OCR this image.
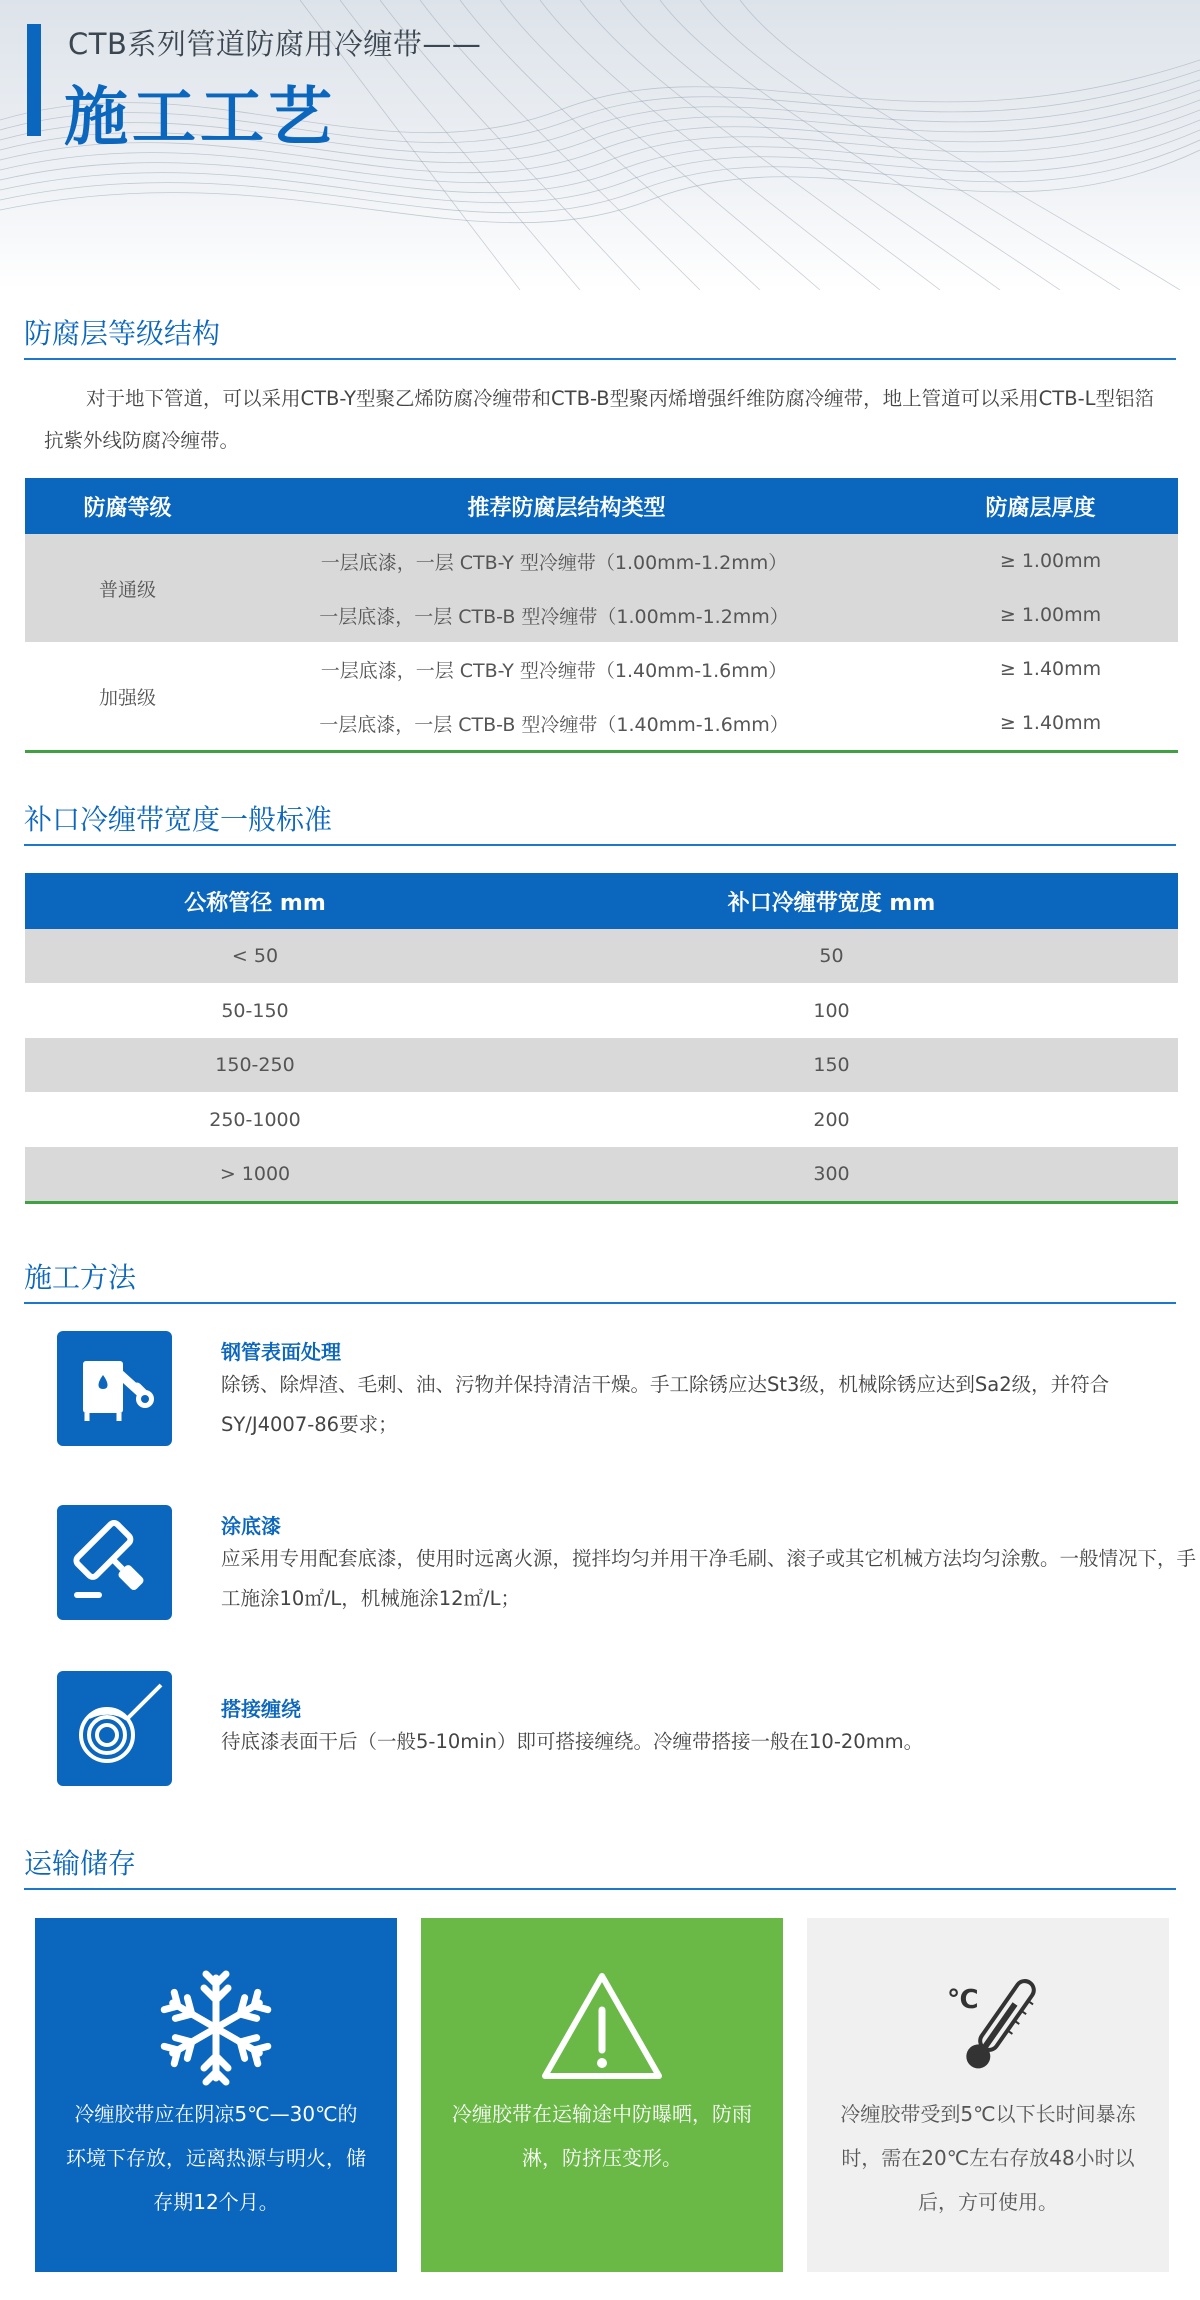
CTB系列管道防腐用冷缠带——
施工工艺
防腐层等级结构

对于地下管道，可以采用CTB-Y型聚乙烯防腐冷缠带和CTB-B型聚丙烯增强纤维防腐冷缠带，地上管道可以采用CTB-L型铝箔抗紫外线防腐冷缠带。

防腐等级	推荐防腐层结构类型	防腐层厚度
普通级
一层底漆，一层 CTB-Y 型冷缠带（1.00mm-1.2mm）	≥ 1.00mm
一层底漆，一层 CTB-B 型冷缠带（1.00mm-1.2mm）	≥ 1.00mm
加强级
一层底漆，一层 CTB-Y 型冷缠带（1.40mm-1.6mm）	≥ 1.40mm
一层底漆，一层 CTB-B 型冷缠带（1.40mm-1.6mm）	≥ 1.40mm
补口冷缠带宽度一般标准
公称管径 mm	补口冷缠带宽度 mm
< 50	50
50-150	100
150-250	150
250-1000	200
> 1000	300
施工方法
钢管表面处理
除锈、除焊渣、毛刺、油、污物并保持清洁干燥。手工除锈应达St3级，机械除锈应达到Sa2级，并符合SY/J4007-86要求；
涂底漆
应采用专用配套底漆，使用时远离火源，搅拌均匀并用干净毛刷、滚子或其它机械方法均匀涂敷。一般情况下，手工施涂10㎡/L，机械施涂12㎡/L；
搭接缠绕
待底漆表面干后（一般5-10min）即可搭接缠绕。冷缠带搭接一般在10-20mm。
运输储存
冷缠胶带应在阴凉5℃—30℃的环境下存放，远离热源与明火，储存期12个月。
冷缠胶带在运输途中防曝晒，防雨淋，防挤压变形。
℃
冷缠胶带受到5℃以下长时间暴冻时，需在20℃左右存放48小时以后，方可使用。
